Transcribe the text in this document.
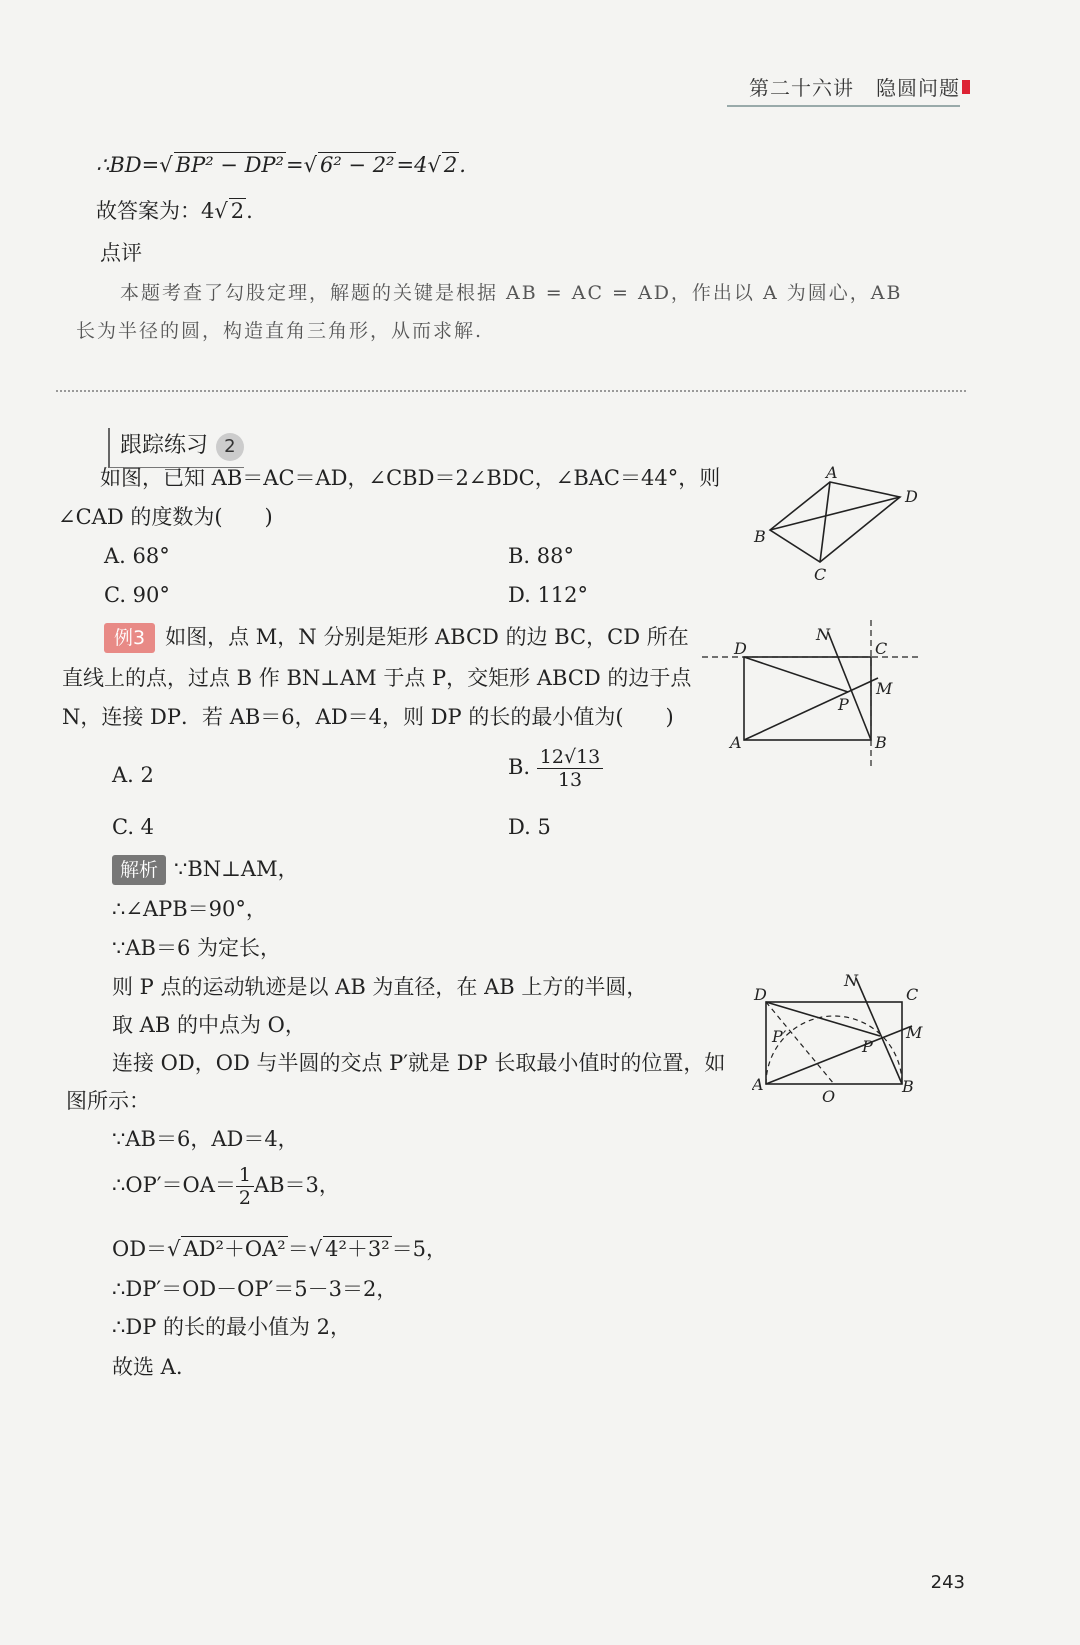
第二十六讲 隐圆问题
∴BD=√ BP² − DP²=√ 6² − 2²=4√ 2.
故答案为：4√ 2.
点评
本题考查了勾股定理，解题的关键是根据 AB = AC = AD，作出以 A 为圆心，AB
长为半径的圆，构造直角三角形，从而求解.
跟踪练习 2
如图，已知 AB＝AC＝AD，∠CBD＝2∠BDC，∠BAC＝44°，则
∠CAD 的度数为(　　)
A. 68°	B. 88°
C. 90°	D. 112°
A
D
B
C
例3 如图，点 M，N 分别是矩形 ABCD 的边 BC，CD 所在
直线上的点，过点 B 作 BN⊥AM 于点 P，交矩形 ABCD 的边于点
N，连接 DP．若 AB＝6，AD＝4，则 DP 的长的最小值为(　　)
A. 2	B. $\frac{12√13}{13}$
C. 4	D. 5
D	C
N
M
P
A	B
解析 ∵BN⊥AM，
∴∠APB＝90°，
∵AB＝6 为定长，
则 P 点的运动轨迹是以 AB 为直径，在 AB 上方的半圆，
取 AB 的中点为 O，
连接 OD，OD 与半圆的交点 P′就是 DP 长取最小值时的位置，如
图所示：
∵AB＝6，AD＝4，
∴OP′＝OA＝ $\frac{1}{2} AB=3$，
OD＝√ AD²＋OA²＝√ 4²＋3²＝5，
∴DP′＝OD－OP′＝5－3＝2，
∴DP 的长的最小值为 2，
故选 A.
D	C
N
M
P
P′
A	B
O
243
